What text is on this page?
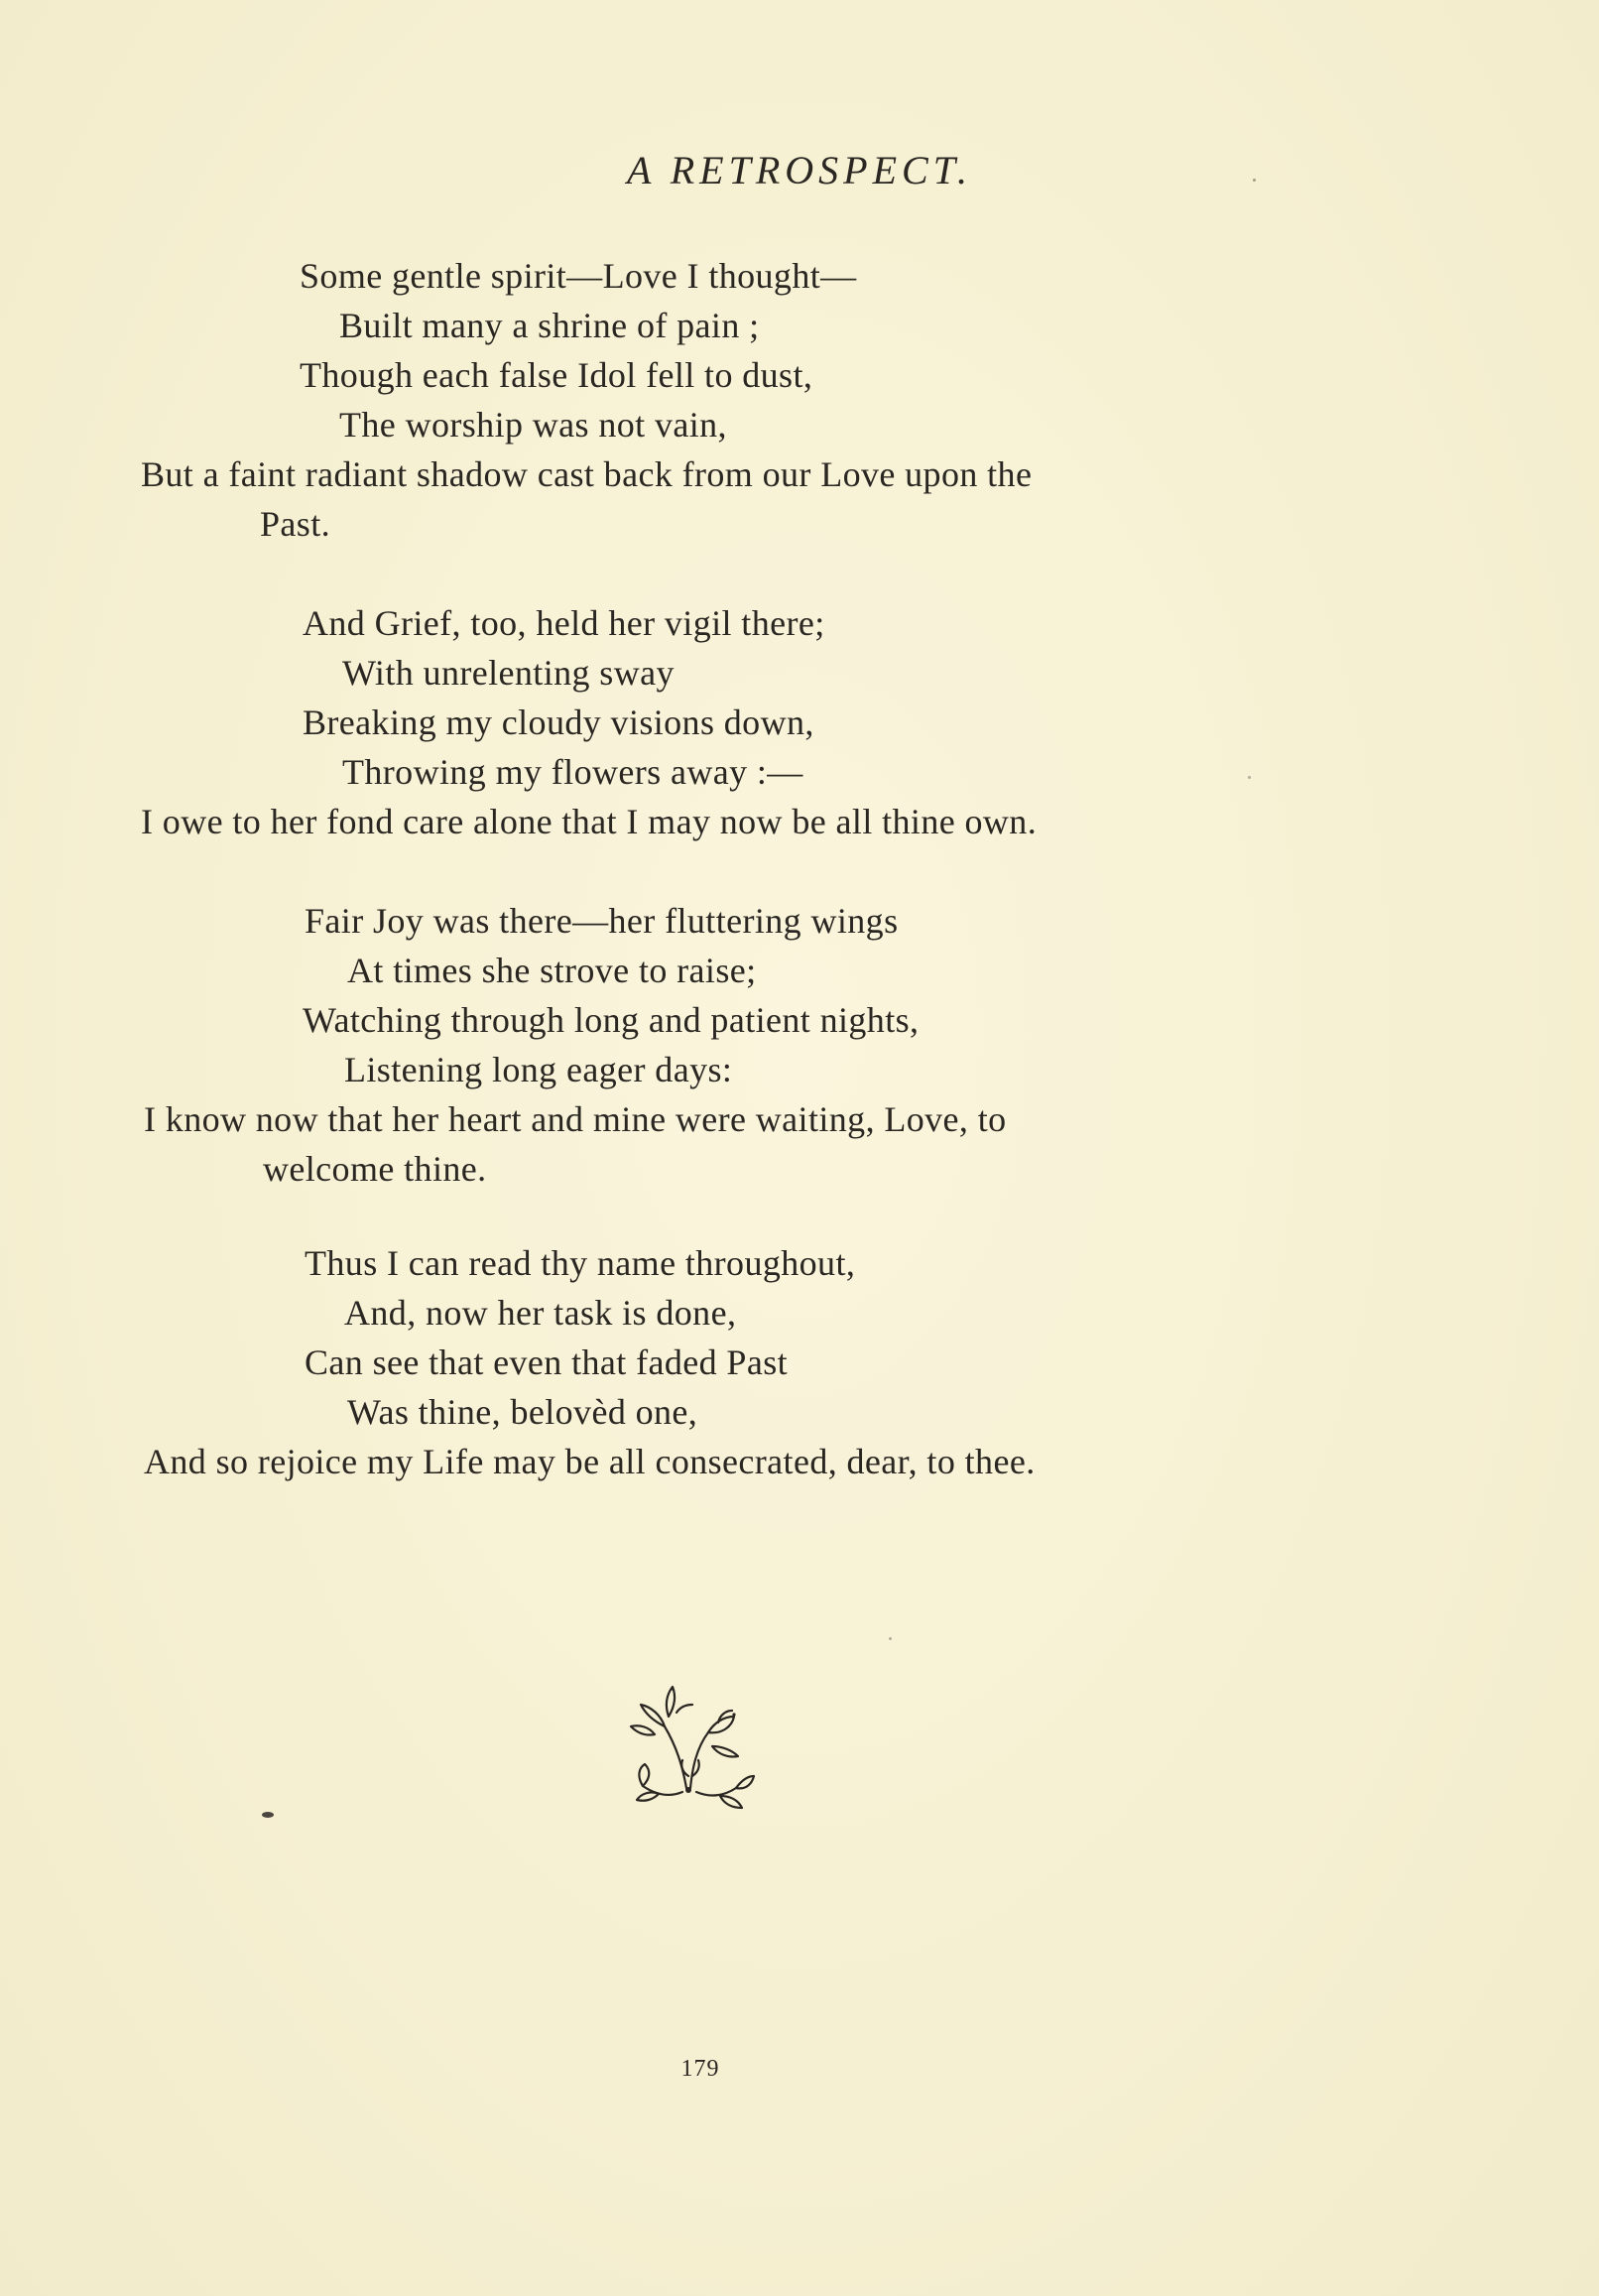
A RETROSPECT.
Some gentle spirit—Love I thought—
Built many a shrine of pain ;
Though each false Idol fell to dust,
The worship was not vain,
But a faint radiant shadow cast back from our Love upon the
Past.
And Grief, too, held her vigil there;
With unrelenting sway
Breaking my cloudy visions down,
Throwing my flowers away :—
I owe to her fond care alone that I may now be all thine own.
Fair Joy was there—her fluttering wings
At times she strove to raise;
Watching through long and patient nights,
Listening long eager days:
I know now that her heart and mine were waiting, Love, to
welcome thine.
Thus I can read thy name throughout,
And, now her task is done,
Can see that even that faded Past
Was thine, belovèd one,
And so rejoice my Life may be all consecrated, dear, to thee.
179
